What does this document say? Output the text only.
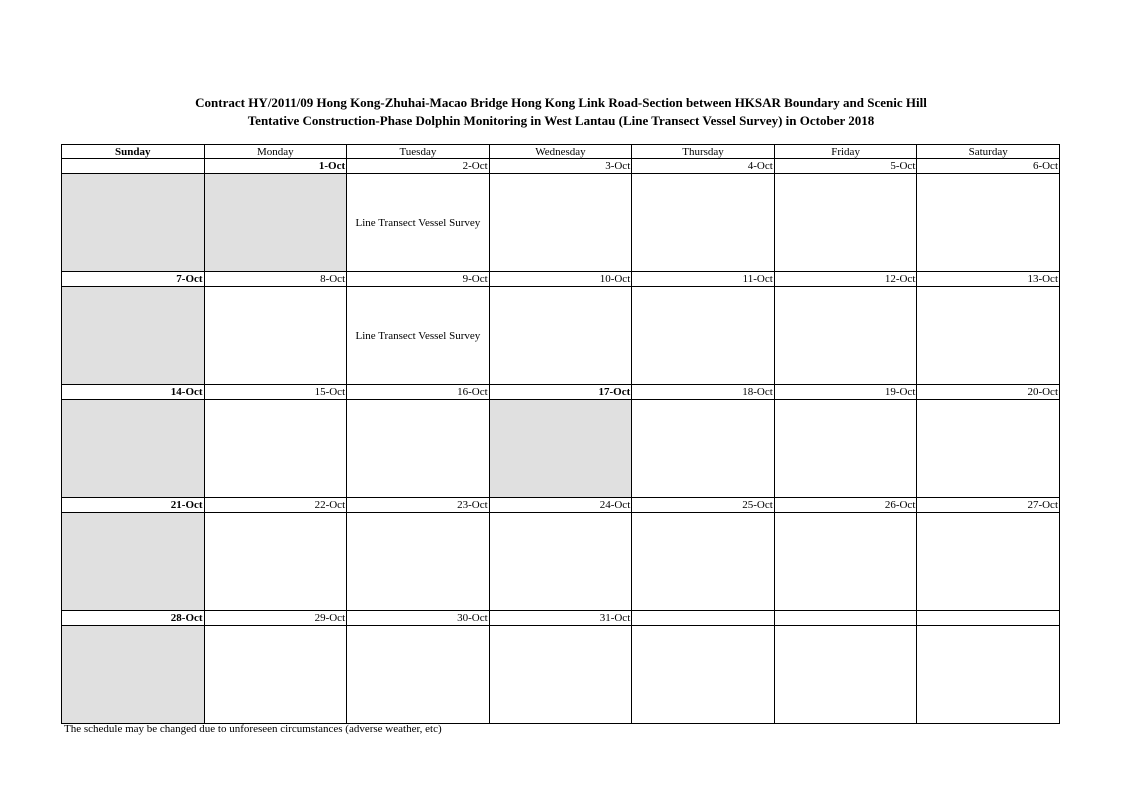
Contract HY/2011/09 Hong Kong-Zhuhai-Macao Bridge Hong Kong Link Road-Section between HKSAR Boundary and Scenic Hill
Tentative Construction-Phase Dolphin Monitoring in West Lantau (Line Transect Vessel Survey) in October 2018
Sunday	Monday	Tuesday	Wednesday	Thursday	Friday	Saturday
	1-Oct	2-Oct	3-Oct	4-Oct	5-Oct	6-Oct
		Line Transect Vessel Survey				
7-Oct	8-Oct	9-Oct	10-Oct	11-Oct	12-Oct	13-Oct
		Line Transect Vessel Survey				
14-Oct	15-Oct	16-Oct	17-Oct	18-Oct	19-Oct	20-Oct

21-Oct	22-Oct	23-Oct	24-Oct	25-Oct	26-Oct	27-Oct

28-Oct	29-Oct	30-Oct	31-Oct			

The schedule may be changed due to unforeseen circumstances (adverse weather, etc)
